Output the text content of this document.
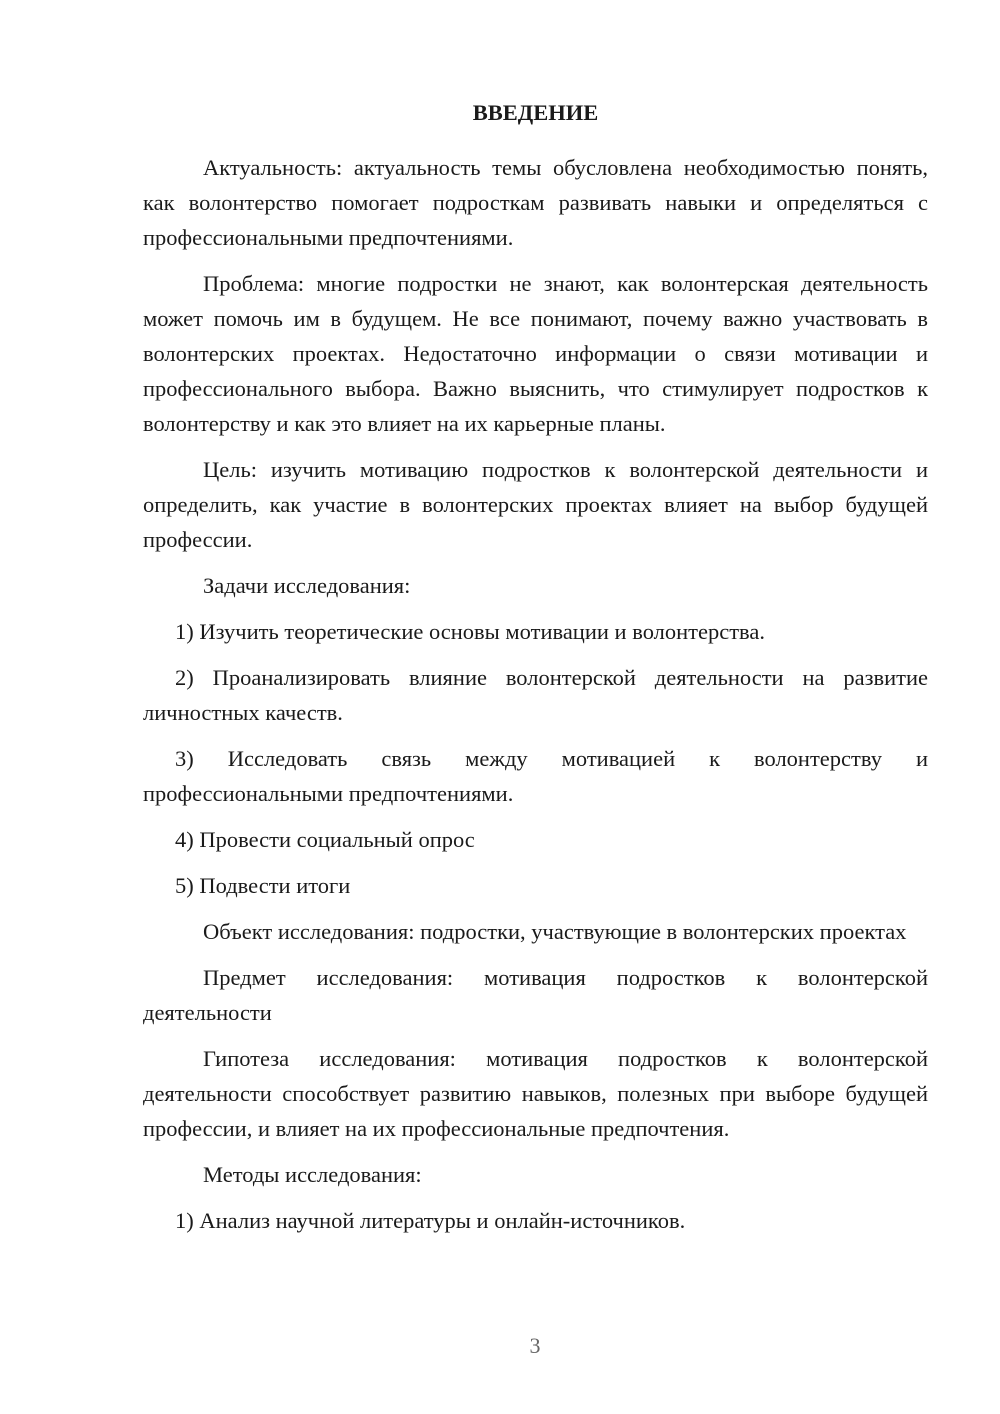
ВВЕДЕНИЕ

Актуальность: актуальность темы обусловлена необходимостью понять, как волонтерство помогает подросткам развивать навыки и определяться с профессиональными предпочтениями.

Проблема: многие подростки не знают, как волонтерская деятельность может помочь им в будущем. Не все понимают, почему важно участвовать в волонтерских проектах. Недостаточно информации о связи мотивации и профессионального выбора. Важно выяснить, что стимулирует подростков к волонтерству и как это влияет на их карьерные планы.

Цель: изучить мотивацию подростков к волонтерской деятельности и определить, как участие в волонтерских проектах влияет на выбор будущей профессии.

Задачи исследования:

1) Изучить теоретические основы мотивации и волонтерства.

2) Проанализировать влияние волонтерской деятельности на развитие личностных качеств.

3) Исследовать связь между мотивацией к волонтерству и профессиональными предпочтениями.

4) Провести социальный опрос

5) Подвести итоги

Объект исследования: подростки, участвующие в волонтерских проектах

Предмет исследования: мотивация подростков к волонтерской деятельности

Гипотеза исследования: мотивация подростков к волонтерской деятельности способствует развитию навыков, полезных при выборе будущей профессии, и влияет на их профессиональные предпочтения.

Методы исследования:

1) Анализ научной литературы и онлайн-источников.

3
